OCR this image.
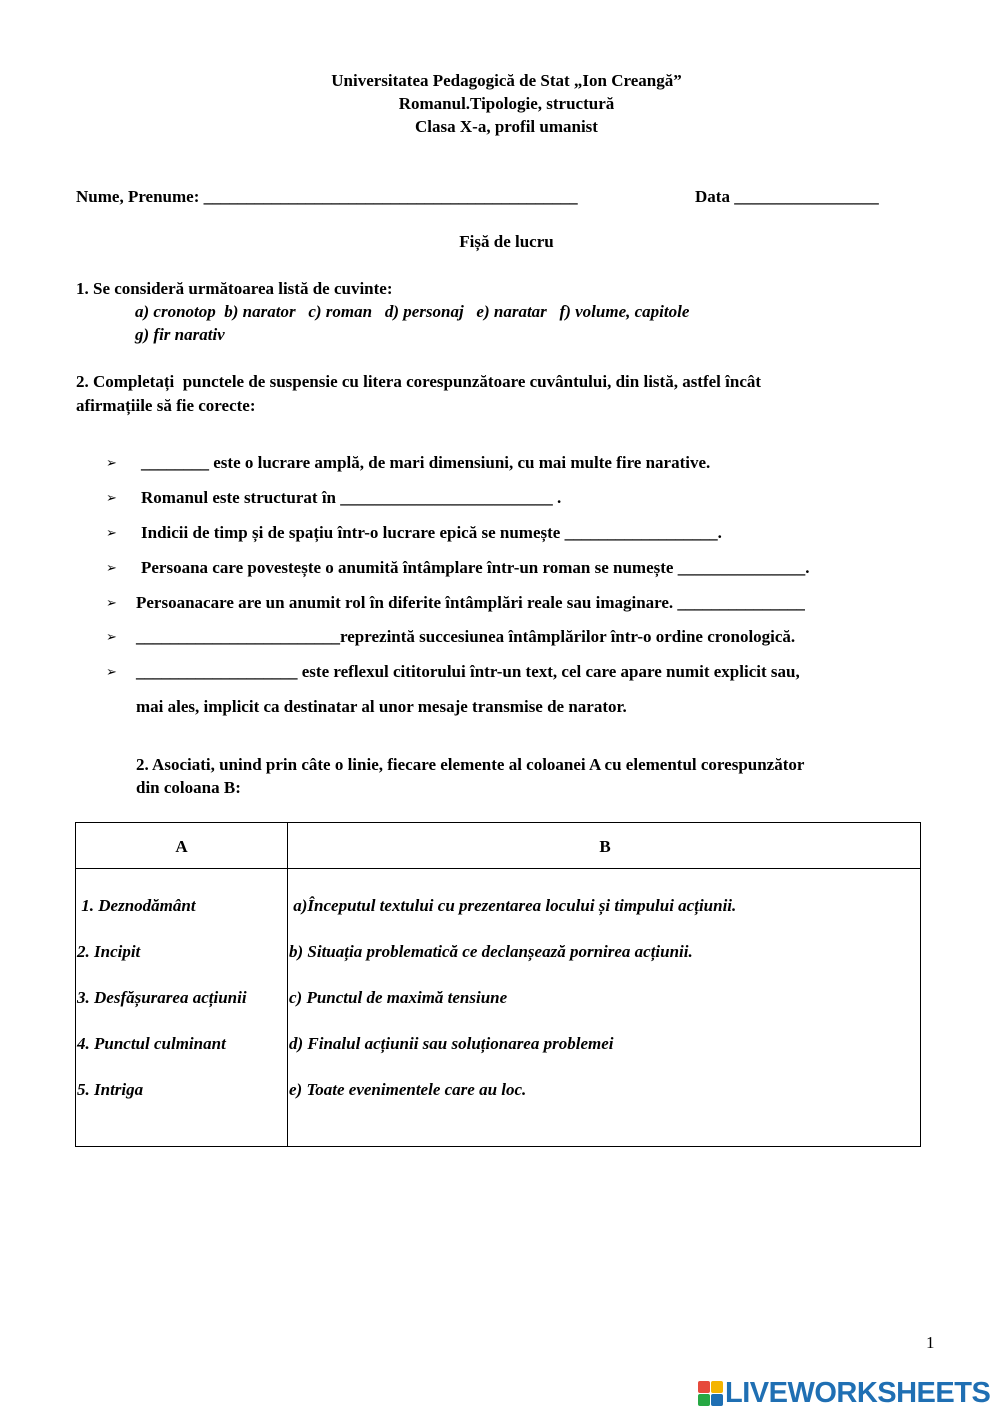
Universitatea Pedagogică de Stat „Ion Creangă”
Romanul.Tipologie, structură
Clasa X-a, profil umanist
Nume, Prenume: ____________________________________________	Data _________________
Fișă de lucru
1. Se consideră următoarea listă de cuvinte:
a) cronotop  b) narator   c) roman   d) personaj   e) naratar   f) volume, capitole
g) fir narativ
2. Completați  punctele de suspensie cu litera corespunzătoare cuvântului, din listă, astfel încât
afirmațiile să fie corecte:
➢ ________ este o lucrare amplă, de mari dimensiuni, cu mai multe fire narative.
➢ Romanul este structurat în _________________________ .
➢ Indicii de timp și de spațiu într-o lucrare epică se numește __________________.
➢ Persoana care povestește o anumită întâmplare într-un roman se numește _______________.
➢ Persoanacare are un anumit rol în diferite întâmplări reale sau imaginare. _______________
➢ ________________________reprezintă succesiunea întâmplărilor într-o ordine cronologică.
➢ ___________________ este reflexul cititorului într-un text, cel care apare numit explicit sau,
mai ales, implicit ca destinatar al unor mesaje transmise de narator.
2. Asociati, unind prin câte o linie, fiecare elemente al coloanei A cu elementul corespunzător
din coloana B:
A	B
1. Deznodământ
2. Incipit
3. Desfășurarea acțiunii
4. Punctul culminant
5. Intriga
a)Începutul textului cu prezentarea locului și timpului acțiunii.
b) Situația problematică ce declanșează pornirea acțiunii.
c) Punctul de maximă tensiune
d) Finalul acțiunii sau soluționarea problemei
e) Toate evenimentele care au loc.
1
LIVEWORKSHEETS
